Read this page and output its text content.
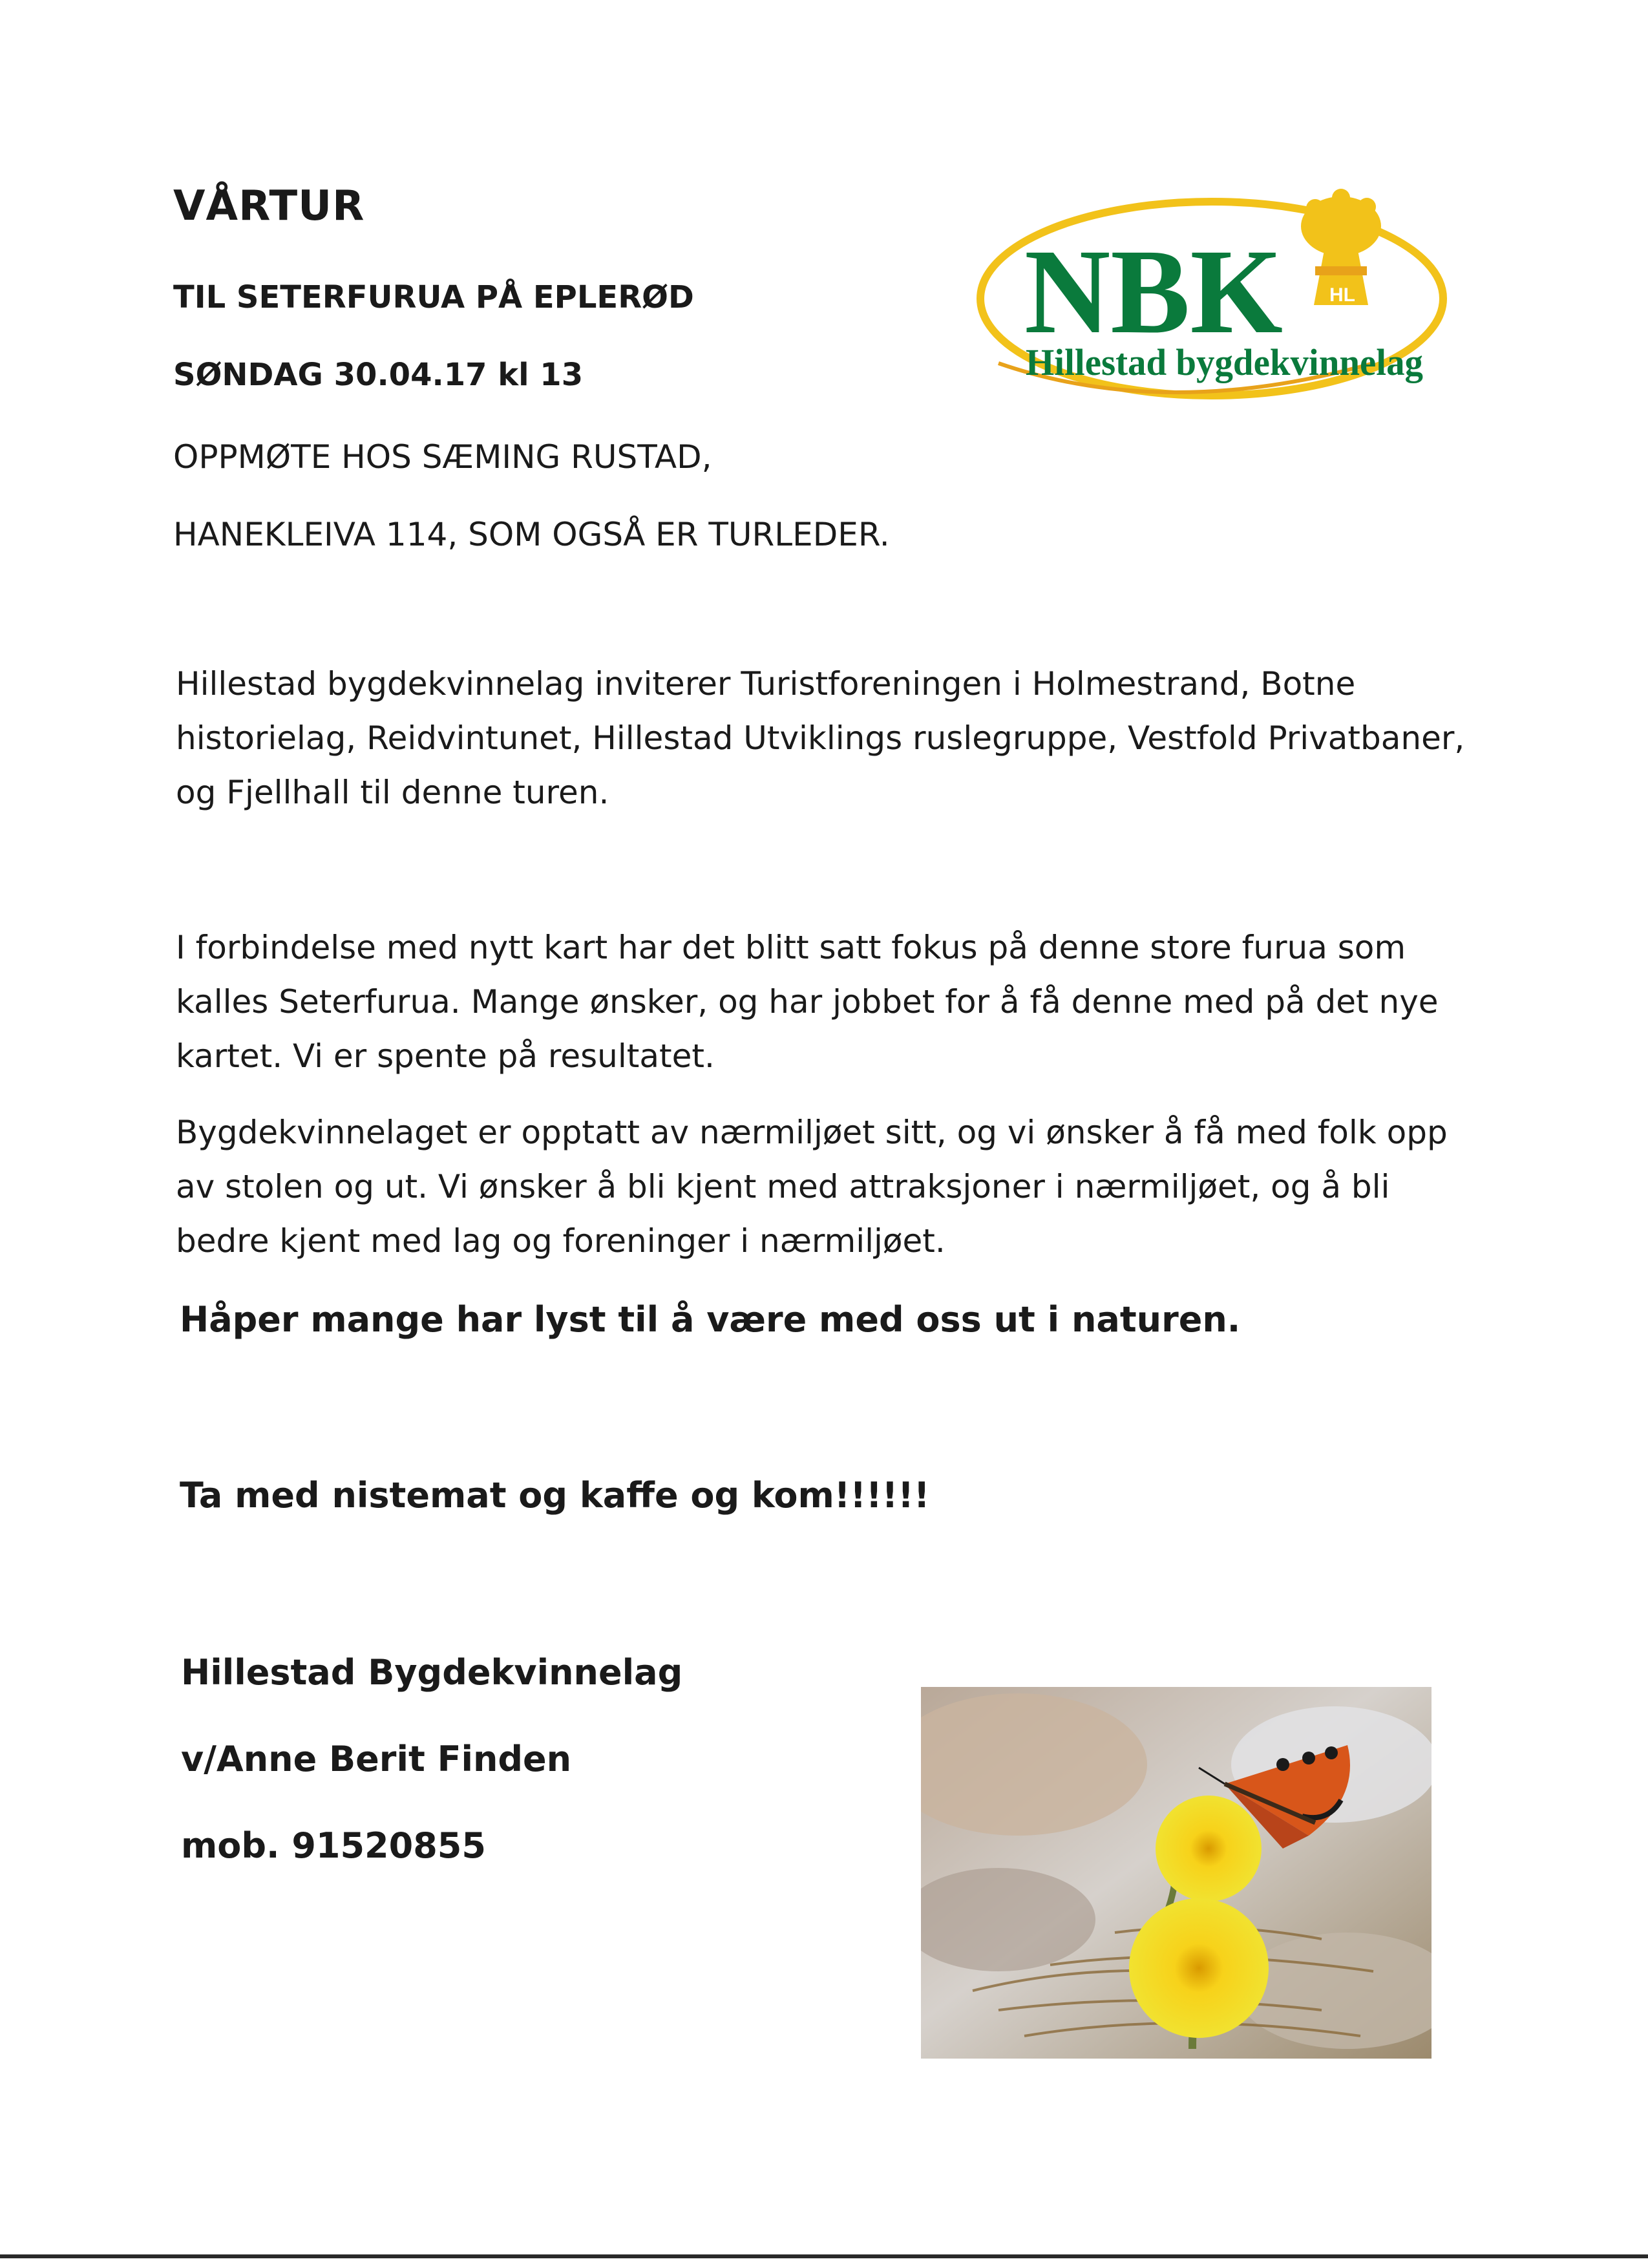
VÅRTUR
TIL SETERFURUA PÅ EPLERØD
SØNDAG 30.04.17 kl 13
OPPMØTE HOS SÆMING RUSTAD,
HANEKLEIVA 114, SOM OGSÅ ER TURLEDER.
NBK HL
Hillestad bygdekvinnelag

Hillestad bygdekvinnelag inviterer Turistforeningen i Holmestrand, Botne
historielag, Reidvintunet, Hillestad Utviklings ruslegruppe, Vestfold Privatbaner,
og Fjellhall til denne turen.

I forbindelse med nytt kart har det blitt satt fokus på denne store furua som
kalles Seterfurua. Mange ønsker, og har jobbet for å få denne med på det nye
kartet. Vi er spente på resultatet.

Bygdekvinnelaget er opptatt av nærmiljøet sitt, og vi ønsker å få med folk opp
av stolen og ut. Vi ønsker å bli kjent med attraksjoner i nærmiljøet, og å bli
bedre kjent med lag og foreninger i nærmiljøet.

Håper mange har lyst til å være med oss ut i naturen.
Ta med nistemat og kaffe og kom!!!!!!
Hillestad Bygdekvinnelag
v/Anne Berit Finden
mob. 91520855
